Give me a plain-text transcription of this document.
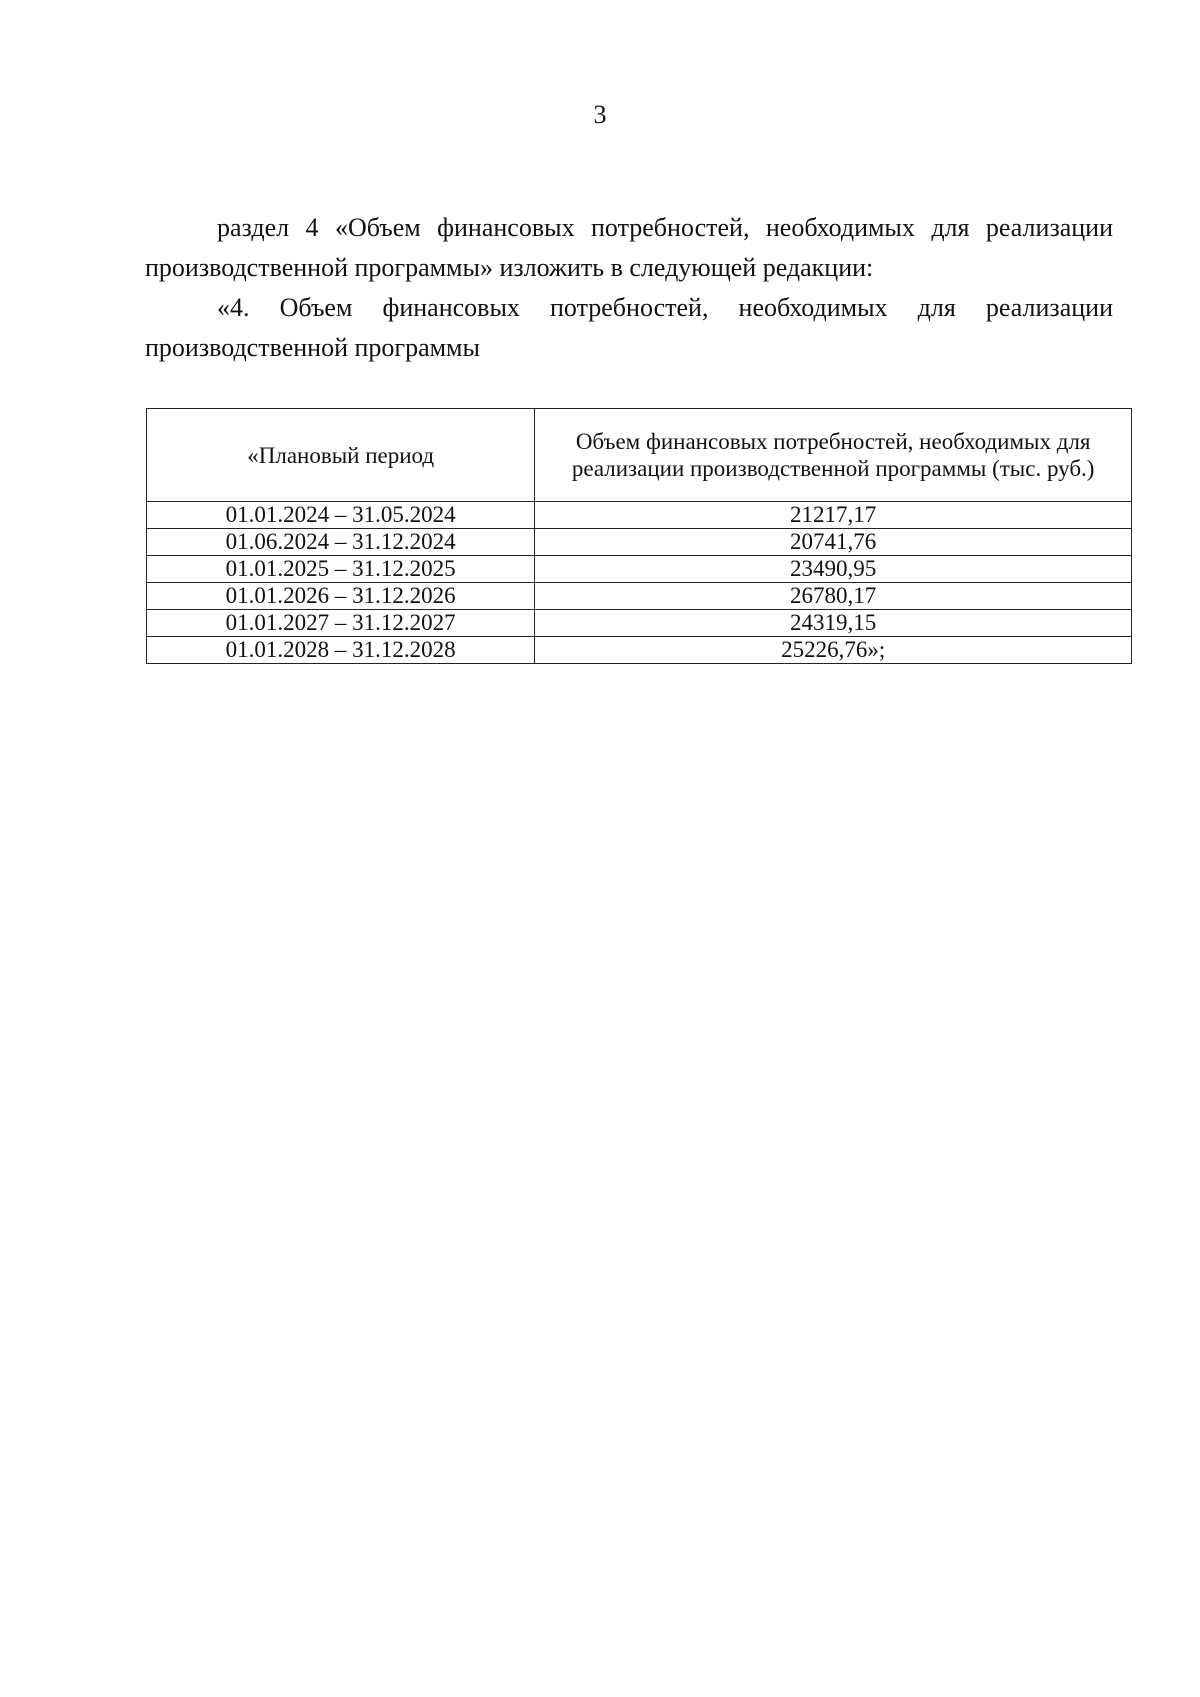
3

раздел 4 «Объем финансовых потребностей, необходимых для реализации производственной программы» изложить в следующей редакции:

«4. Объем финансовых потребностей, необходимых для реализации производственной программы

«Плановый период	Объем финансовых потребностей, необходимых для реализации производственной программы (тыс. руб.)
01.01.2024 – 31.05.2024	21217,17
01.06.2024 – 31.12.2024	20741,76
01.01.2025 – 31.12.2025	23490,95
01.01.2026 – 31.12.2026	26780,17
01.01.2027 – 31.12.2027	24319,15
01.01.2028 – 31.12.2028	25226,76»;
